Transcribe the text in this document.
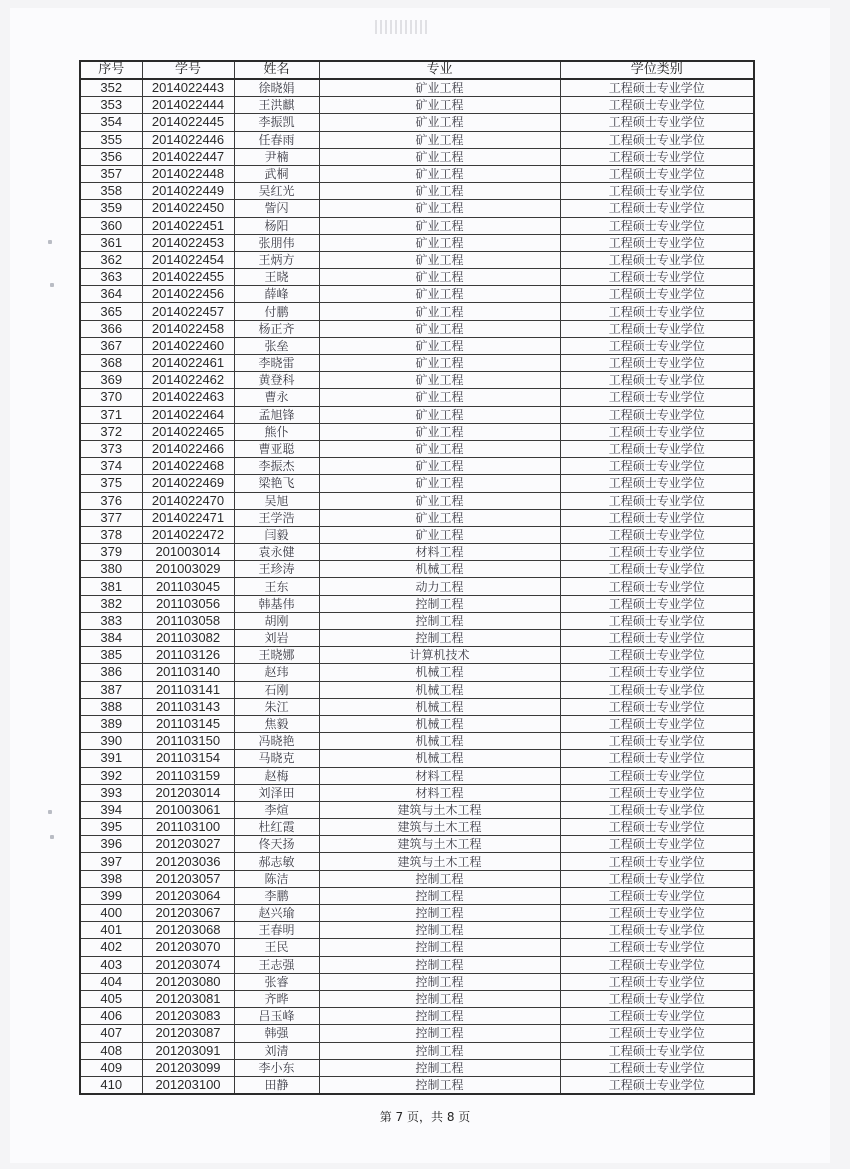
序号	学号	姓名	专业	学位类别
352	2014022443	徐晓娟	矿业工程	工程硕士专业学位
353	2014022444	王洪麒	矿业工程	工程硕士专业学位
354	2014022445	李振凯	矿业工程	工程硕士专业学位
355	2014022446	任春雨	矿业工程	工程硕士专业学位
356	2014022447	尹楠	矿业工程	工程硕士专业学位
357	2014022448	武桐	矿业工程	工程硕士专业学位
358	2014022449	吴红光	矿业工程	工程硕士专业学位
359	2014022450	訾闪	矿业工程	工程硕士专业学位
360	2014022451	杨阳	矿业工程	工程硕士专业学位
361	2014022453	张朋伟	矿业工程	工程硕士专业学位
362	2014022454	王炳方	矿业工程	工程硕士专业学位
363	2014022455	王晓	矿业工程	工程硕士专业学位
364	2014022456	薛峰	矿业工程	工程硕士专业学位
365	2014022457	付鹏	矿业工程	工程硕士专业学位
366	2014022458	杨正齐	矿业工程	工程硕士专业学位
367	2014022460	张垒	矿业工程	工程硕士专业学位
368	2014022461	李晓雷	矿业工程	工程硕士专业学位
369	2014022462	黄登科	矿业工程	工程硕士专业学位
370	2014022463	曹永	矿业工程	工程硕士专业学位
371	2014022464	孟旭锋	矿业工程	工程硕士专业学位
372	2014022465	熊仆	矿业工程	工程硕士专业学位
373	2014022466	曹亚聪	矿业工程	工程硕士专业学位
374	2014022468	李振杰	矿业工程	工程硕士专业学位
375	2014022469	梁艳飞	矿业工程	工程硕士专业学位
376	2014022470	吴旭	矿业工程	工程硕士专业学位
377	2014022471	王学浩	矿业工程	工程硕士专业学位
378	2014022472	闫毅	矿业工程	工程硕士专业学位
379	201003014	袁永健	材料工程	工程硕士专业学位
380	201003029	王珍涛	机械工程	工程硕士专业学位
381	201103045	王东	动力工程	工程硕士专业学位
382	201103056	韩基伟	控制工程	工程硕士专业学位
383	201103058	胡刚	控制工程	工程硕士专业学位
384	201103082	刘岩	控制工程	工程硕士专业学位
385	201103126	王晓娜	计算机技术	工程硕士专业学位
386	201103140	赵玮	机械工程	工程硕士专业学位
387	201103141	石刚	机械工程	工程硕士专业学位
388	201103143	朱江	机械工程	工程硕士专业学位
389	201103145	焦毅	机械工程	工程硕士专业学位
390	201103150	冯晓艳	机械工程	工程硕士专业学位
391	201103154	马晓克	机械工程	工程硕士专业学位
392	201103159	赵梅	材料工程	工程硕士专业学位
393	201203014	刘泽田	材料工程	工程硕士专业学位
394	201003061	李煊	建筑与土木工程	工程硕士专业学位
395	201103100	杜红霞	建筑与土木工程	工程硕士专业学位
396	201203027	佟天扬	建筑与土木工程	工程硕士专业学位
397	201203036	郝志敏	建筑与土木工程	工程硕士专业学位
398	201203057	陈洁	控制工程	工程硕士专业学位
399	201203064	李鹏	控制工程	工程硕士专业学位
400	201203067	赵兴瑜	控制工程	工程硕士专业学位
401	201203068	王春明	控制工程	工程硕士专业学位
402	201203070	王民	控制工程	工程硕士专业学位
403	201203074	王志强	控制工程	工程硕士专业学位
404	201203080	张睿	控制工程	工程硕士专业学位
405	201203081	齐晔	控制工程	工程硕士专业学位
406	201203083	吕玉峰	控制工程	工程硕士专业学位
407	201203087	韩强	控制工程	工程硕士专业学位
408	201203091	刘清	控制工程	工程硕士专业学位
409	201203099	李小东	控制工程	工程硕士专业学位
410	201203100	田静	控制工程	工程硕士专业学位
第 7 页，共 8 页
